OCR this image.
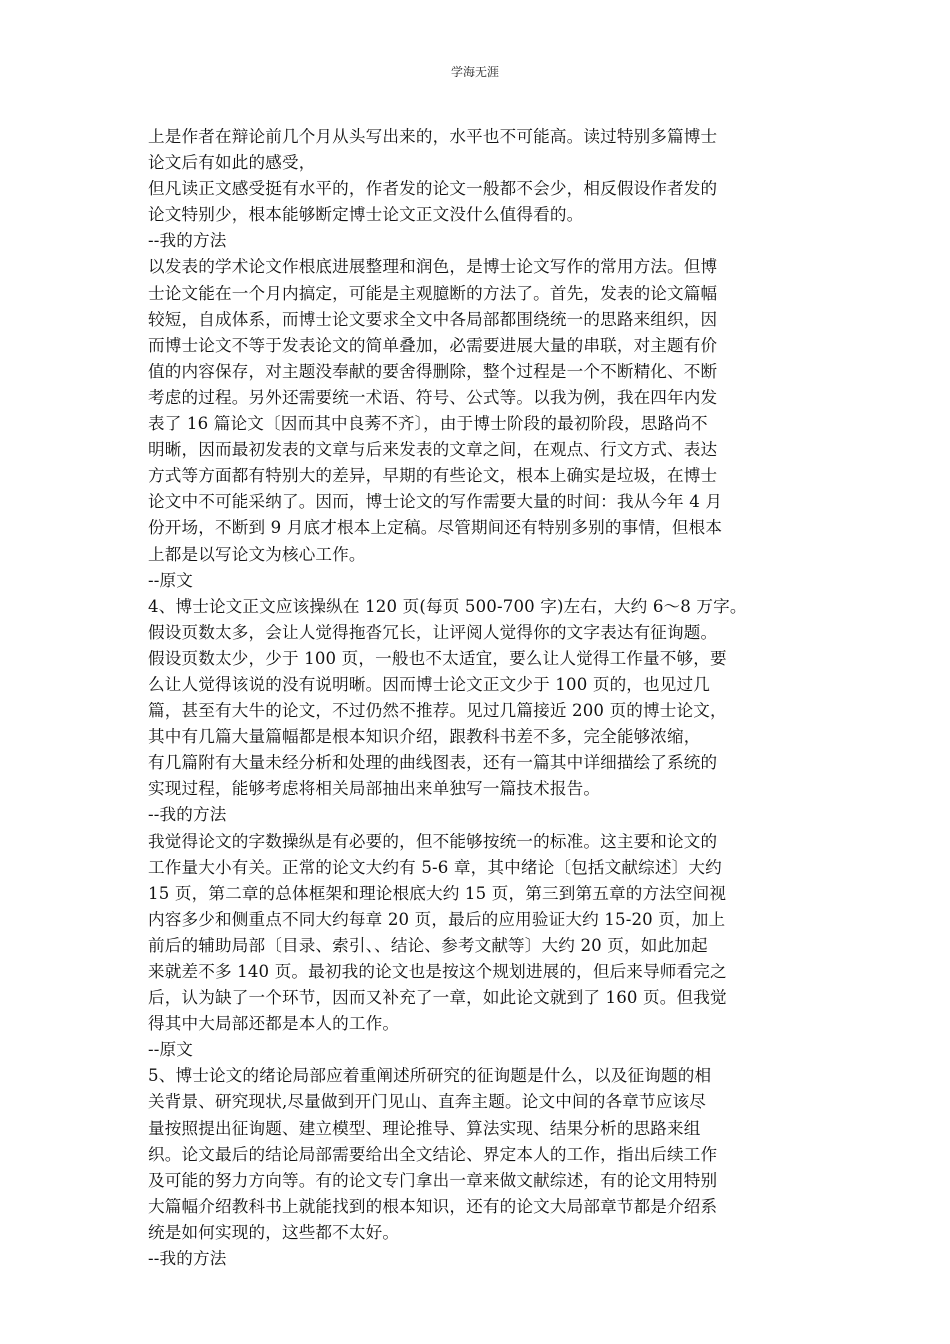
学海无涯
上是作者在辩论前几个月从头写出来的，水平也不可能高。读过特别多篇博士
论文后有如此的感受，
但凡读正文感受挺有水平的，作者发的论文一般都不会少，相反假设作者发的
论文特别少，根本能够断定博士论文正文没什么值得看的。
--我的方法
以发表的学术论文作根底进展整理和润色，是博士论文写作的常用方法。但博
士论文能在一个月内搞定，可能是主观臆断的方法了。首先，发表的论文篇幅
较短，自成体系，而博士论文要求全文中各局部都围绕统一的思路来组织，因
而博士论文不等于发表论文的简单叠加，必需要进展大量的串联，对主题有价
值的内容保存，对主题没奉献的要舍得删除，整个过程是一个不断精化、不断
考虑的过程。另外还需要统一术语、符号、公式等。以我为例，我在四年内发
表了 16 篇论文〔因而其中良莠不齐〕，由于博士阶段的最初阶段，思路尚不
明晰，因而最初发表的文章与后来发表的文章之间，在观点、行文方式、表达
方式等方面都有特别大的差异，早期的有些论文，根本上确实是垃圾，在博士
论文中不可能采纳了。因而，博士论文的写作需要大量的时间：我从今年 4 月
份开场，不断到 9 月底才根本上定稿。尽管期间还有特别多别的事情，但根本
上都是以写论文为核心工作。
--原文
4、博士论文正文应该操纵在 120 页(每页 500-700 字)左右，大约 6～8 万字。
假设页数太多，会让人觉得拖沓冗长，让评阅人觉得你的文字表达有征询题。
假设页数太少，少于 100 页，一般也不太适宜，要么让人觉得工作量不够，要
么让人觉得该说的没有说明晰。因而博士论文正文少于 100 页的，也见过几
篇，甚至有大牛的论文，不过仍然不推荐。见过几篇接近 200 页的博士论文，
其中有几篇大量篇幅都是根本知识介绍，跟教科书差不多，完全能够浓缩，
有几篇附有大量未经分析和处理的曲线图表，还有一篇其中详细描绘了系统的
实现过程，能够考虑将相关局部抽出来单独写一篇技术报告。
--我的方法
我觉得论文的字数操纵是有必要的，但不能够按统一的标准。这主要和论文的
工作量大小有关。正常的论文大约有 5-6 章，其中绪论〔包括文献综述〕大约
15 页，第二章的总体框架和理论根底大约 15 页，第三到第五章的方法空间视
内容多少和侧重点不同大约每章 20 页，最后的应用验证大约 15-20 页，加上
前后的辅助局部〔目录、索引、、结论、参考文献等〕大约 20 页，如此加起
来就差不多 140 页。最初我的论文也是按这个规划进展的，但后来导师看完之
后，认为缺了一个环节，因而又补充了一章，如此论文就到了 160 页。但我觉
得其中大局部还都是本人的工作。
--原文
5、博士论文的绪论局部应着重阐述所研究的征询题是什么，以及征询题的相
关背景、研究现状,尽量做到开门见山、直奔主题。论文中间的各章节应该尽
量按照提出征询题、建立模型、理论推导、算法实现、结果分析的思路来组
织。论文最后的结论局部需要给出全文结论、界定本人的工作，指出后续工作
及可能的努力方向等。有的论文专门拿出一章来做文献综述，有的论文用特别
大篇幅介绍教科书上就能找到的根本知识，还有的论文大局部章节都是介绍系
统是如何实现的，这些都不太好。
--我的方法
